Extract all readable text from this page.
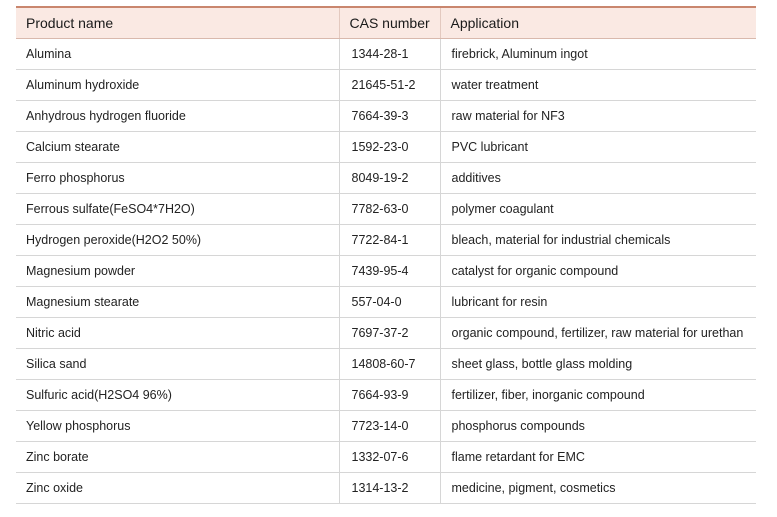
Product name	CAS number	Application
Alumina	1344-28-1	firebrick, Aluminum ingot
Aluminum hydroxide	21645-51-2	water treatment
Anhydrous hydrogen fluoride	7664-39-3	raw material for NF3
Calcium stearate	1592-23-0	PVC lubricant
Ferro phosphorus	8049-19-2	additives
Ferrous sulfate(FeSO4*7H2O)	7782-63-0	polymer coagulant
Hydrogen peroxide(H2O2 50%)	7722-84-1	bleach, material for industrial chemicals
Magnesium powder	7439-95-4	catalyst for organic compound
Magnesium stearate	557-04-0	lubricant for resin
Nitric acid	7697-37-2	organic compound, fertilizer, raw material for urethan
Silica sand	14808-60-7	sheet glass, bottle glass molding
Sulfuric acid(H2SO4 96%)	7664-93-9	fertilizer, fiber, inorganic compound
Yellow phosphorus	7723-14-0	phosphorus compounds
Zinc borate	1332-07-6	flame retardant for EMC
Zinc oxide	1314-13-2	medicine, pigment, cosmetics
